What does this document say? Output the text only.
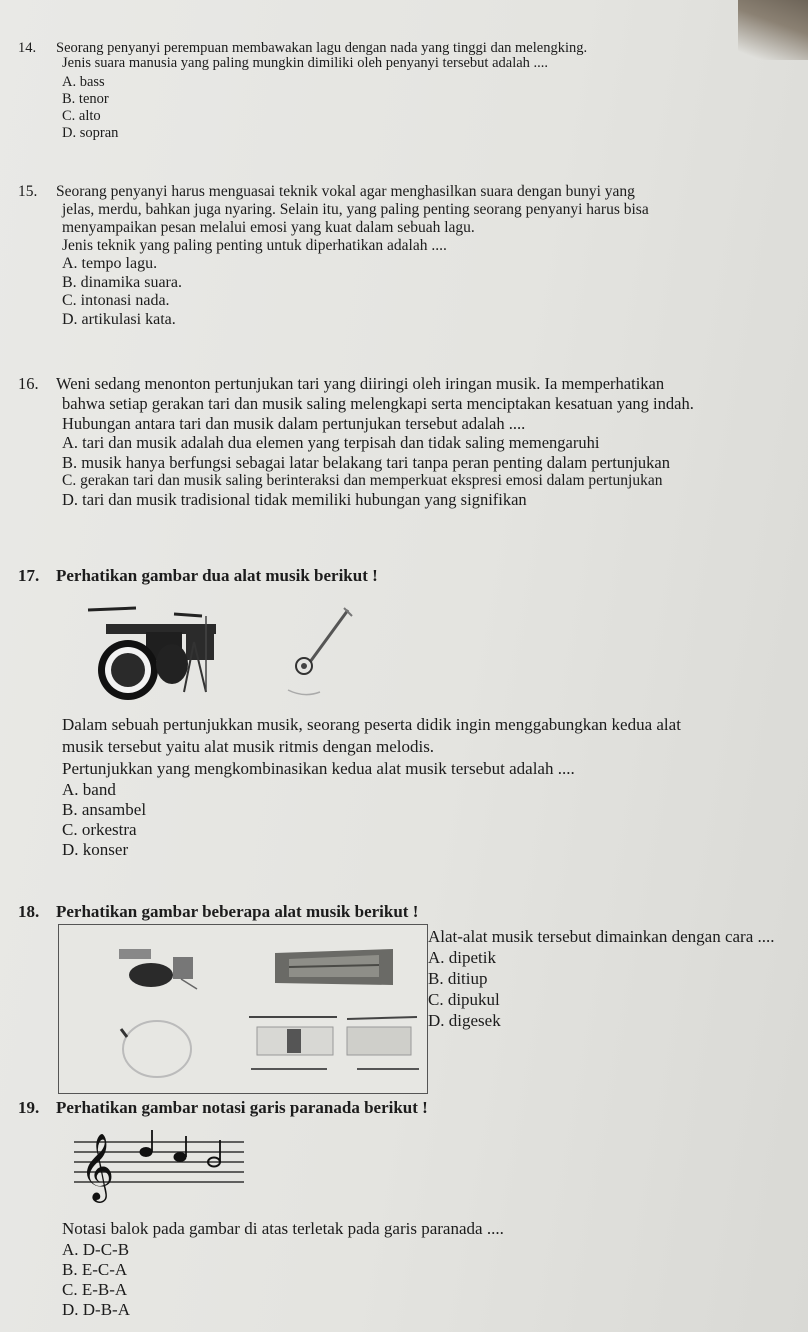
14. Seorang penyanyi perempuan membawakan lagu dengan nada yang tinggi dan melengking.
Jenis suara manusia yang paling mungkin dimiliki oleh penyanyi tersebut adalah ....
A. bass
B. tenor
C. alto
D. sopran
15. Seorang penyanyi harus menguasai teknik vokal agar menghasilkan suara dengan bunyi yang
jelas, merdu, bahkan juga nyaring. Selain itu, yang paling penting seorang penyanyi harus bisa
menyampaikan pesan melalui emosi yang kuat dalam sebuah lagu.
Jenis teknik yang paling penting untuk diperhatikan adalah ....
A. tempo lagu.
B. dinamika suara.
C. intonasi nada.
D. artikulasi kata.
16. Weni sedang menonton pertunjukan tari yang diiringi oleh iringan musik. Ia memperhatikan
bahwa setiap gerakan tari dan musik saling melengkapi serta menciptakan kesatuan yang indah.
Hubungan antara tari dan musik dalam pertunjukan tersebut adalah ....
A. tari dan musik adalah dua elemen yang terpisah dan tidak saling memengaruhi
B. musik hanya berfungsi sebagai latar belakang tari tanpa peran penting dalam pertunjukan
C. gerakan tari dan musik saling berinteraksi dan memperkuat ekspresi emosi dalam pertunjukan
D. tari dan musik tradisional tidak memiliki hubungan yang signifikan
17. Perhatikan gambar dua alat musik berikut !
Dalam sebuah pertunjukkan musik, seorang peserta didik ingin menggabungkan kedua alat
musik tersebut yaitu alat musik ritmis dengan melodis.
Pertunjukkan yang mengkombinasikan kedua alat musik tersebut adalah ....
A. band
B. ansambel
C. orkestra
D. konser
18. Perhatikan gambar beberapa alat musik berikut !
Alat-alat musik tersebut dimainkan dengan cara ....
A. dipetik
B. ditiup
C. dipukul
D. digesek
19. Perhatikan gambar notasi garis paranada berikut !
𝄞
Notasi balok pada gambar di atas terletak pada garis paranada ....
A. D-C-B
B. E-C-A
C. E-B-A
D. D-B-A
